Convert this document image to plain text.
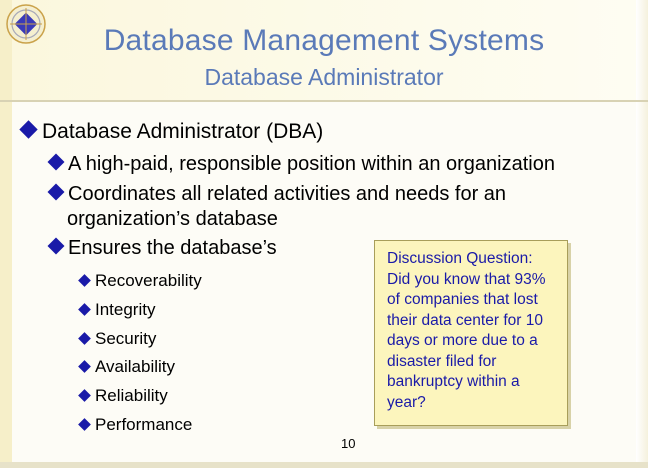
Database Management Systems
Database Administrator
Database Administrator (DBA)
A high-paid, responsible position within an organization
Coordinates all related activities and needs for an
organization’s database
Ensures the database’s
Recoverability
Integrity
Security
Availability
Reliability
Performance
Discussion Question:
Did you know that 93% of companies that lost their data center for 10 days or more due to a disaster filed for bankruptcy within a year?
10
